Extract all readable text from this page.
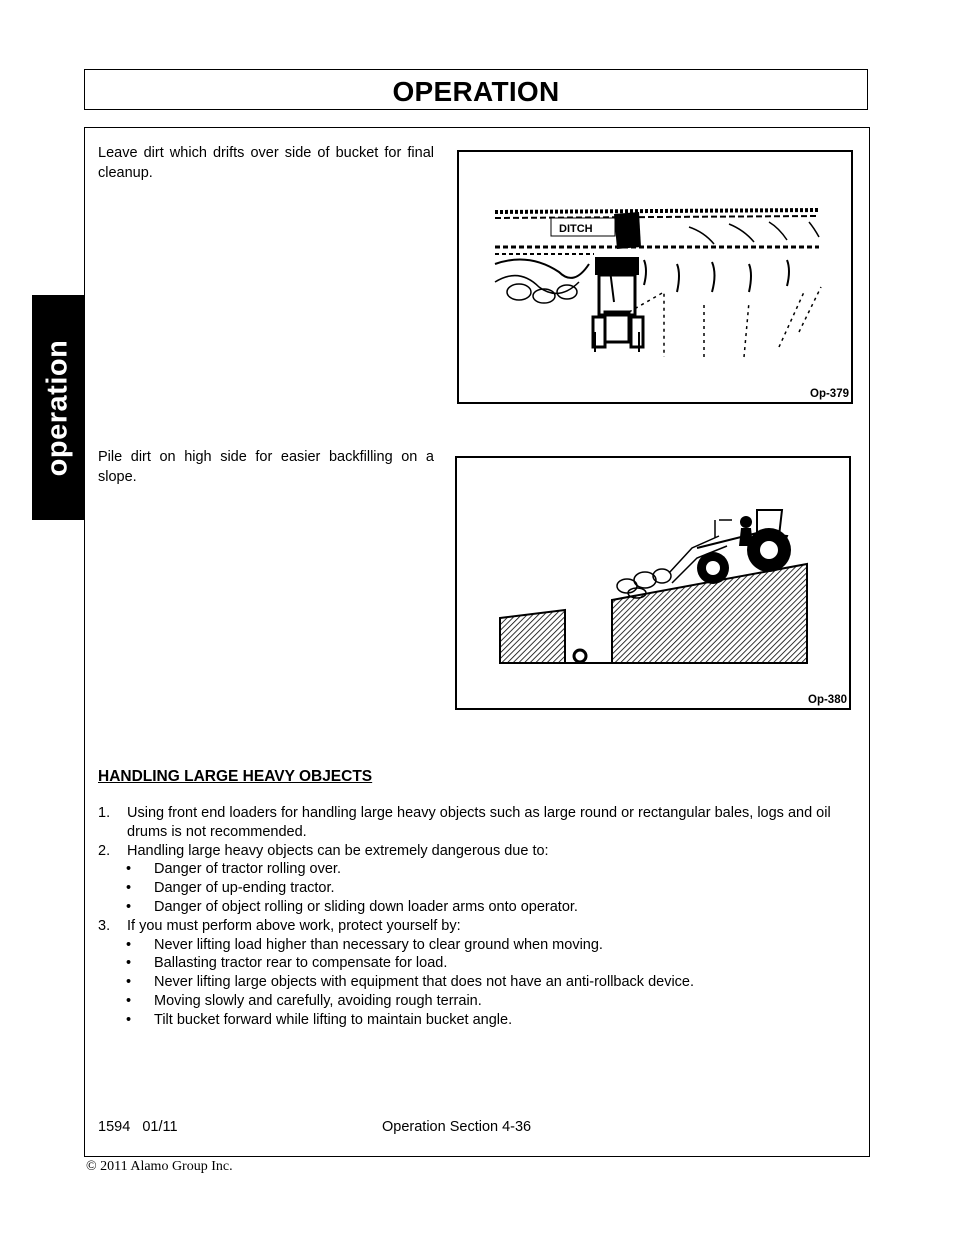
OPERATION
operation
Leave dirt which drifts over side of bucket for final cleanup.
DITCH
Op-379
Pile dirt on high side for easier backfilling on a slope.
Op-380
HANDLING LARGE HEAVY OBJECTS
1. Using front end loaders for handling large heavy objects such as large round or rectangular bales, logs and oil drums is not recommended.
2. Handling large heavy objects can be extremely dangerous due to:
• Danger of tractor rolling over.
• Danger of up-ending tractor.
• Danger of object rolling or sliding down loader arms onto operator.
3. If you must perform above work, protect yourself by:
• Never lifting load higher than necessary to clear ground when moving.
• Ballasting tractor rear to compensate for load.
• Never lifting large objects with equipment that does not have an anti-rollback device.
• Moving slowly and carefully, avoiding rough terrain.
• Tilt bucket forward while lifting to maintain bucket angle.
1594   01/11	Operation Section 4-36
© 2011 Alamo Group Inc.
